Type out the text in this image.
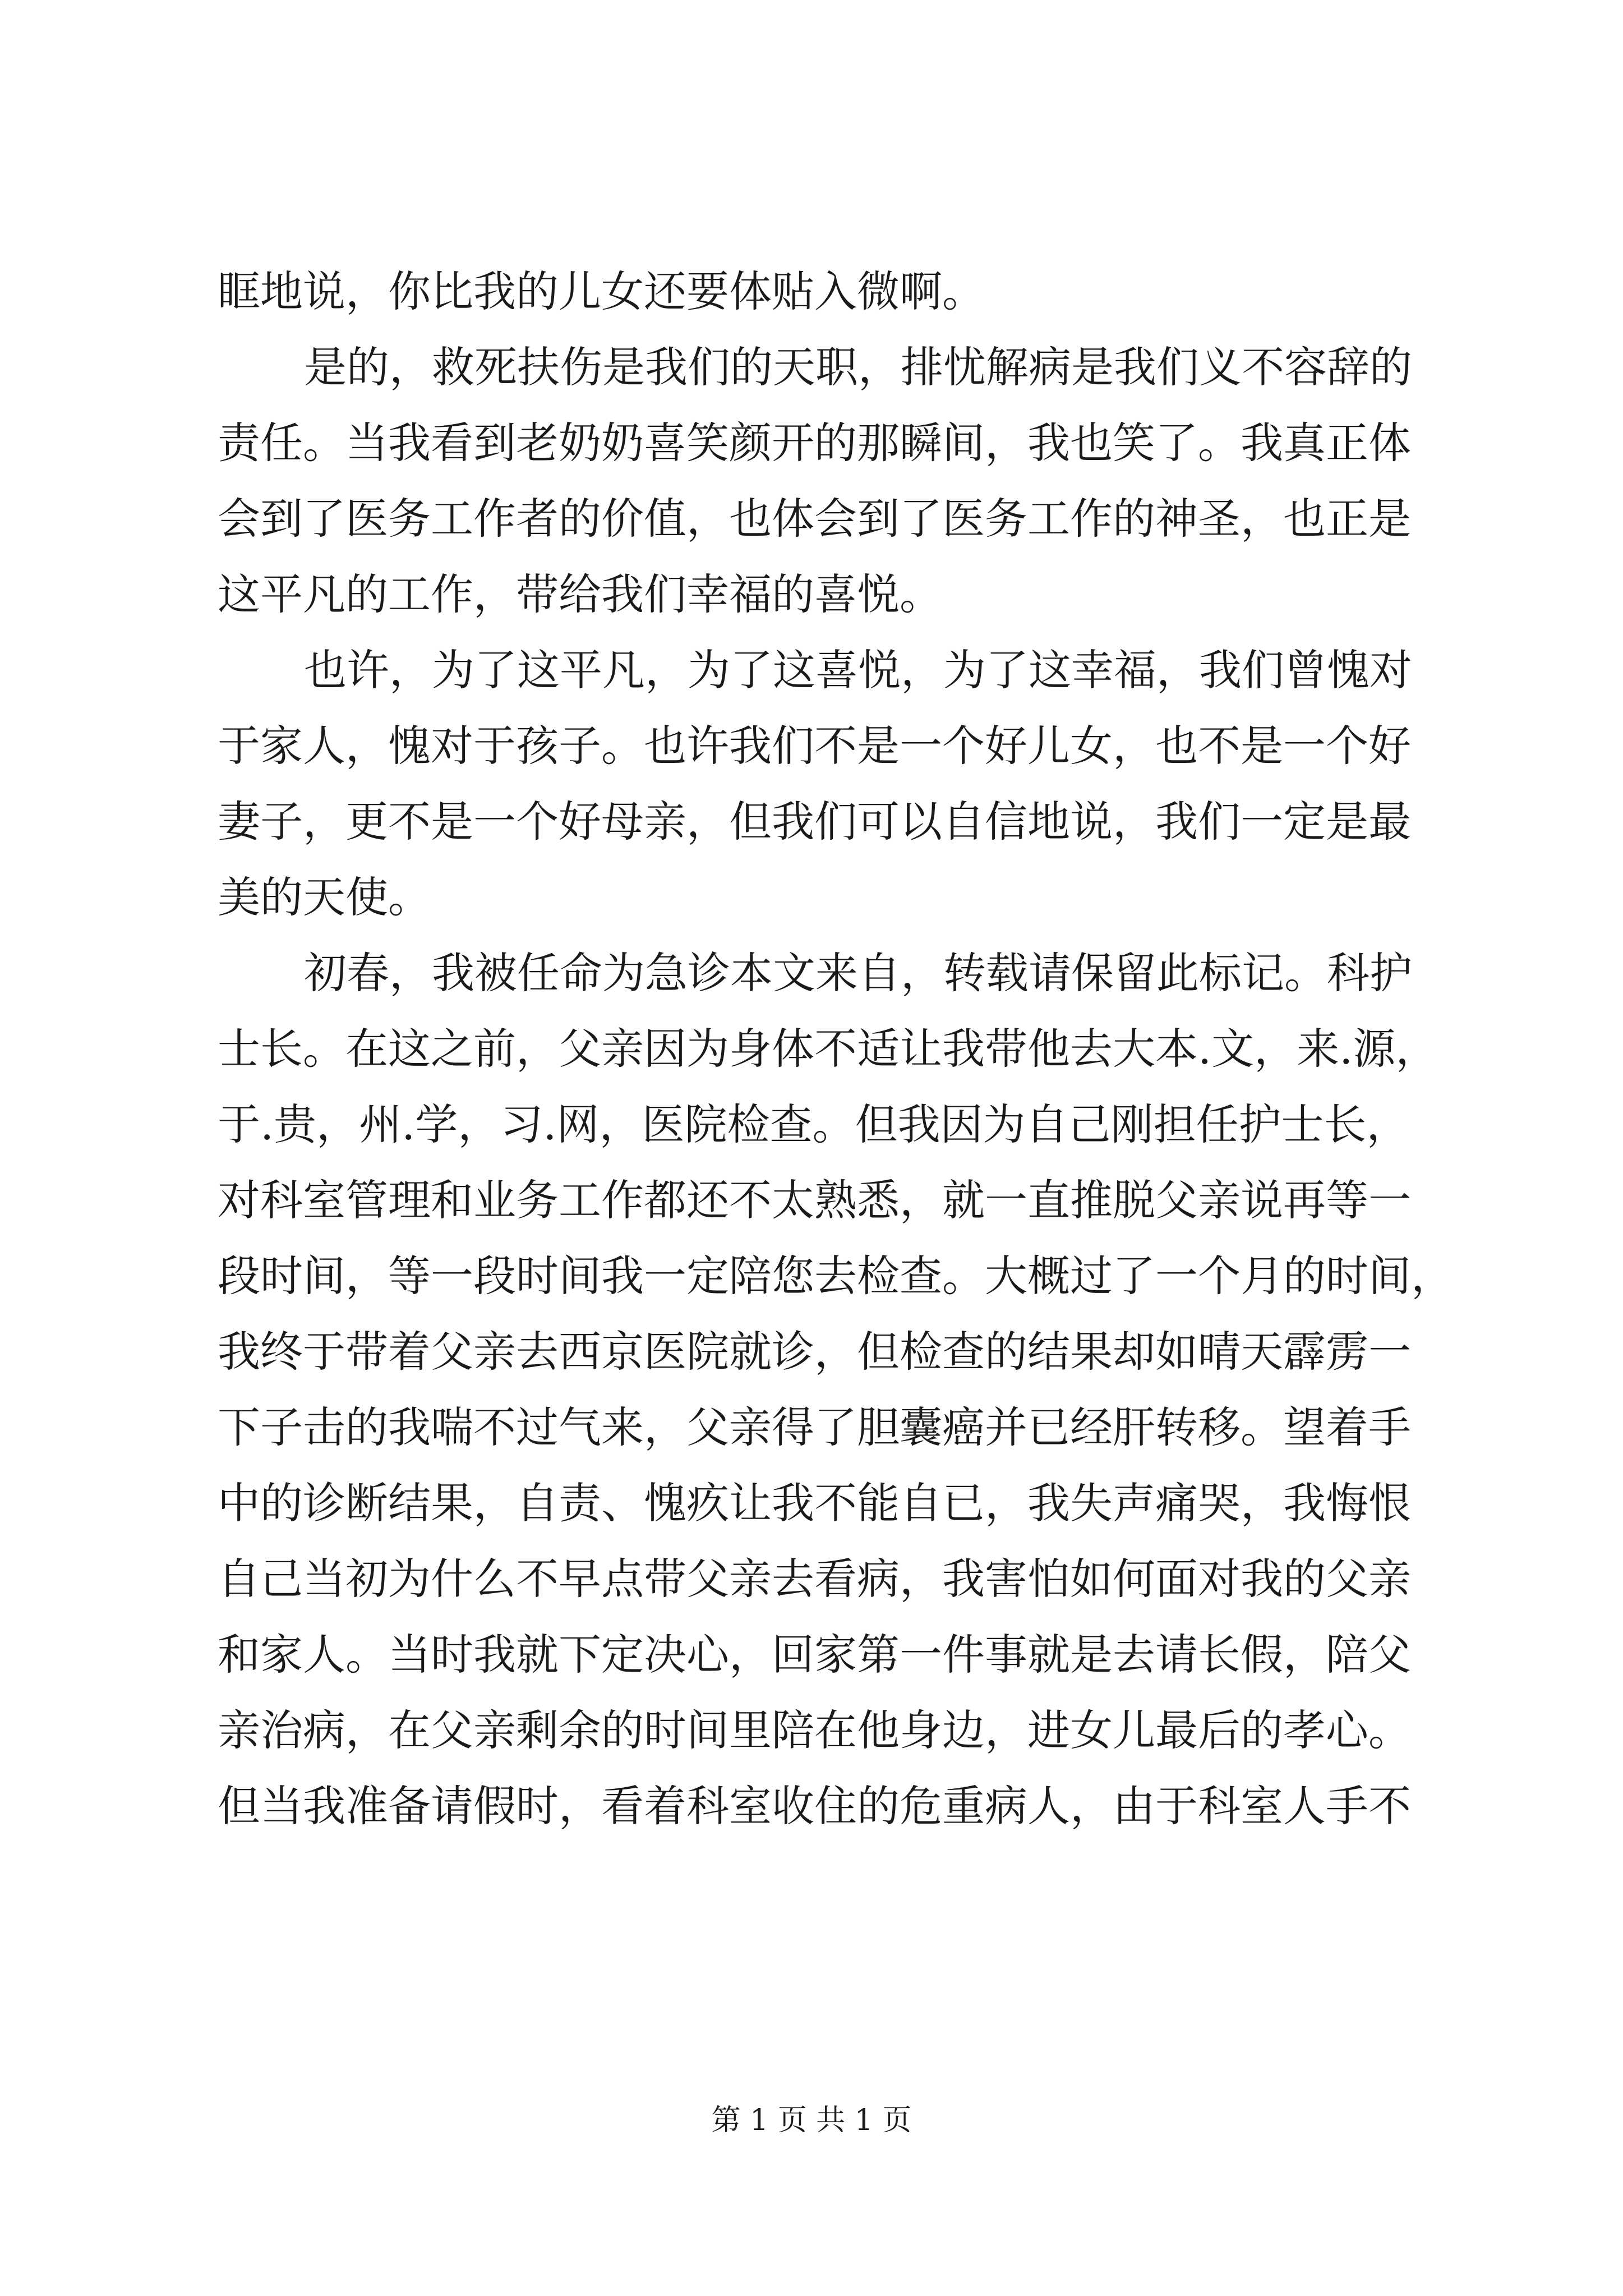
眶地说，你比我的儿女还要体贴入微啊。
是的，救死扶伤是我们的天职，排忧解病是我们义不容辞的
责任。当我看到老奶奶喜笑颜开的那瞬间，我也笑了。我真正体
会到了医务工作者的价值，也体会到了医务工作的神圣，也正是
这平凡的工作，带给我们幸福的喜悦。
也许，为了这平凡，为了这喜悦，为了这幸福，我们曾愧对
于家人，愧对于孩子。也许我们不是一个好儿女，也不是一个好
妻子，更不是一个好母亲，但我们可以自信地说，我们一定是最
美的天使。
初春，我被任命为急诊本文来自，转载请保留此标记。科护
士长。在这之前，父亲因为身体不适让我带他去大本.文，来.源，
于.贵，州.学，习.网，医院检查。但我因为自己刚担任护士长，
对科室管理和业务工作都还不太熟悉，就一直推脱父亲说再等一
段时间，等一段时间我一定陪您去检查。大概过了一个月的时间，
我终于带着父亲去西京医院就诊，但检查的结果却如晴天霹雳一
下子击的我喘不过气来，父亲得了胆囊癌并已经肝转移。望着手
中的诊断结果，自责、愧疚让我不能自已，我失声痛哭，我悔恨
自己当初为什么不早点带父亲去看病，我害怕如何面对我的父亲
和家人。当时我就下定决心，回家第一件事就是去请长假，陪父
亲治病，在父亲剩余的时间里陪在他身边，进女儿最后的孝心。
但当我准备请假时，看着科室收住的危重病人，由于科室人手不
第 1 页 共 1 页
